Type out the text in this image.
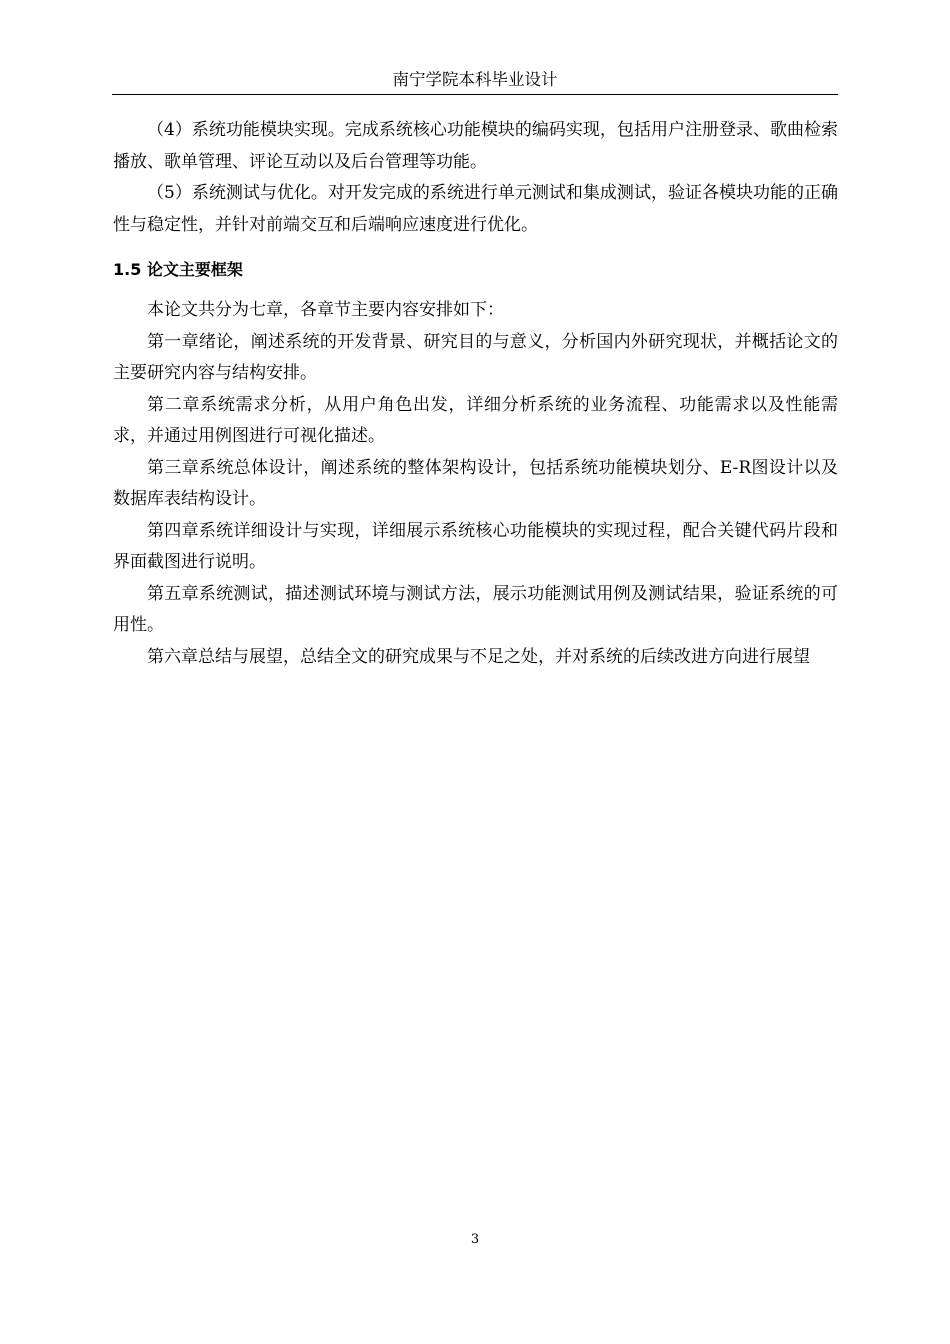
南宁学院本科毕业设计

（4）系统功能模块实现。完成系统核心功能模块的编码实现，包括用户注册登录、歌曲检索播放、歌单管理、评论互动以及后台管理等功能。

（5）系统测试与优化。对开发完成的系统进行单元测试和集成测试，验证各模块功能的正确性与稳定性，并针对前端交互和后端响应速度进行优化。

1.5 论文主要框架

本论文共分为七章，各章节主要内容安排如下：

第一章绪论，阐述系统的开发背景、研究目的与意义，分析国内外研究现状，并概括论文的主要研究内容与结构安排。

第二章系统需求分析，从用户角色出发，详细分析系统的业务流程、功能需求以及性能需求，并通过用例图进行可视化描述。

第三章系统总体设计，阐述系统的整体架构设计，包括系统功能模块划分、E-R图设计以及数据库表结构设计。

第四章系统详细设计与实现，详细展示系统核心功能模块的实现过程，配合关键代码片段和界面截图进行说明。

第五章系统测试，描述测试环境与测试方法，展示功能测试用例及测试结果，验证系统的可用性。

第六章总结与展望，总结全文的研究成果与不足之处，并对系统的后续改进方向进行展望

3
